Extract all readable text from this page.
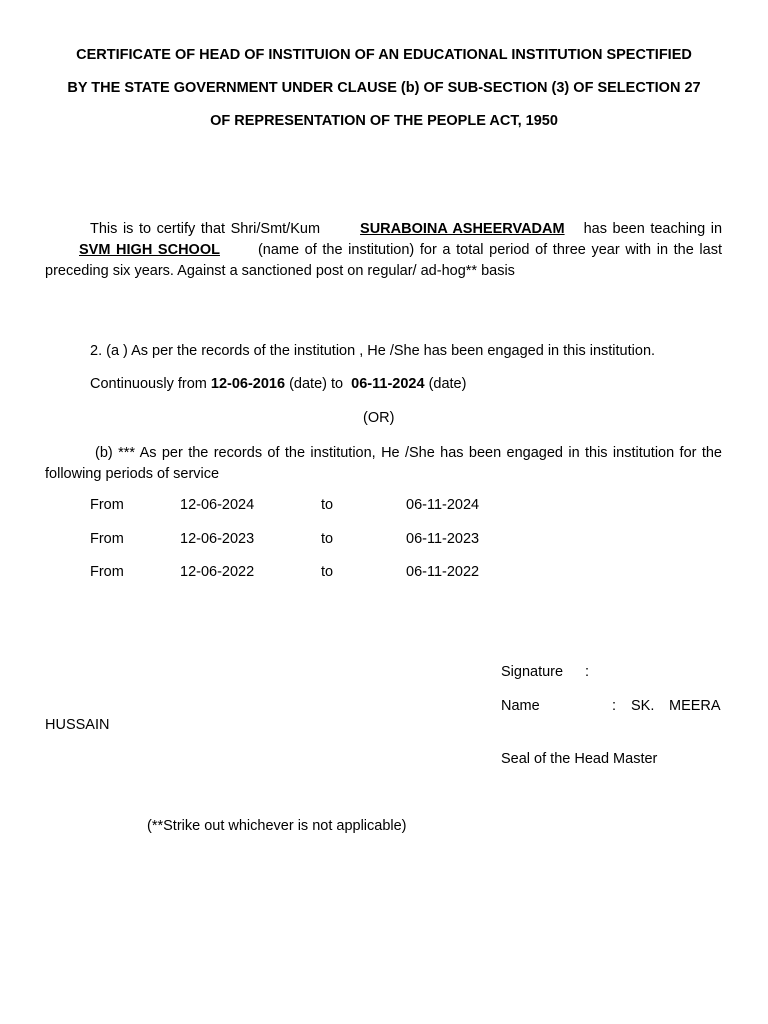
CERTIFICATE OF HEAD OF INSTITUION OF AN EDUCATIONAL INSTITUTION SPECTIFIED
BY THE STATE GOVERNMENT UNDER CLAUSE (b) OF SUB-SECTION (3) OF SELECTION 27
OF REPRESENTATION OF THE PEOPLE ACT, 1950
This is to certify that Shri/Smt/Kum	SURABOINA ASHEERVADAM has been teaching inSVM HIGH SCHOOL	(name of the institution) for a total period of three year with in the last preceding six years. Against a sanctioned post on regular/ ad-hog** basis
2. (a ) As per the records of the institution , He /She has been engaged in this institution.
Continuously from 12-06-2016 (date) to 06-11-2024 (date)
(OR)
(b) *** As per the records of the institution, He /She has been engaged in this institution for the following periods of service
From	12-06-2024	to	06-11-2024
From	12-06-2023	to	06-11-2023
From	12-06-2022	to	06-11-2022
Signature :
Name	: SK. MEERA
HUSSAIN
Seal of the Head Master
(**Strike out whichever is not applicable)
